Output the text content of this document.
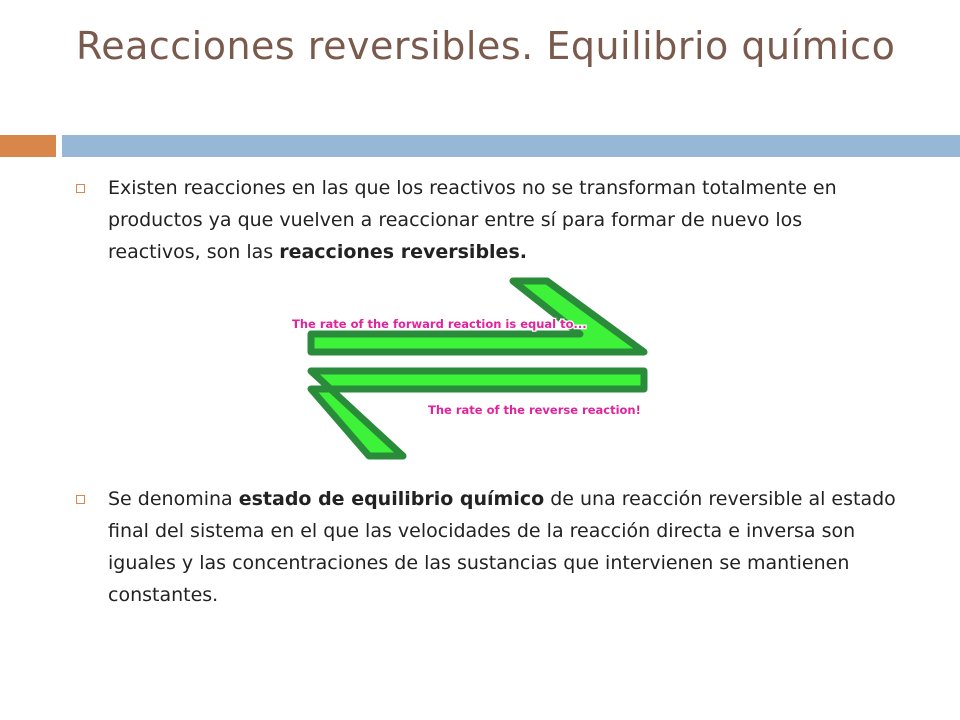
Reacciones reversibles. Equilibrio químico
Existen reacciones en las que los reactivos no se transforman totalmente en productos ya que vuelven a reaccionar entre sí para formar de nuevo los reactivos, son las reacciones reversibles.
The rate of the forward reaction is equal to...
The rate of the reverse reaction!
Se denomina estado de equilibrio químico de una reacción reversible al estado final del sistema en el que las velocidades de la reacción directa e inversa son iguales y las concentraciones de las sustancias que intervienen se mantienen constantes.
